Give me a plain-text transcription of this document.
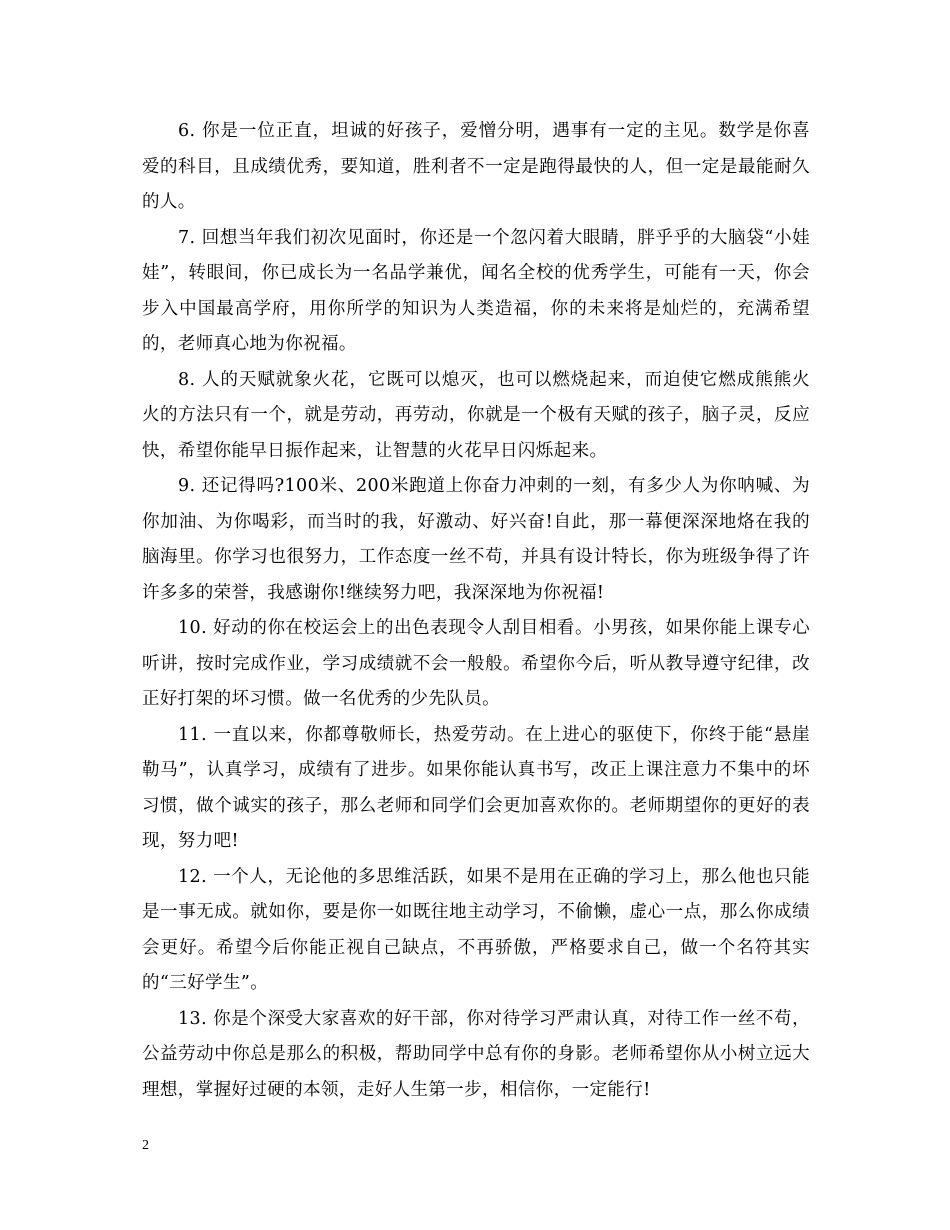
6. 你是一位正直，坦诚的好孩子，爱憎分明，遇事有一定的主见。数学是你喜爱的科目，且成绩优秀，要知道，胜利者不一定是跑得最快的人，但一定是最能耐久的人。

7. 回想当年我们初次见面时，你还是一个忽闪着大眼睛，胖乎乎的大脑袋“小娃娃”，转眼间，你已成长为一名品学兼优，闻名全校的优秀学生，可能有一天，你会步入中国最高学府，用你所学的知识为人类造福，你的未来将是灿烂的，充满希望的，老师真心地为你祝福。

8. 人的天赋就象火花，它既可以熄灭，也可以燃烧起来，而迫使它燃成熊熊火火的方法只有一个，就是劳动，再劳动，你就是一个极有天赋的孩子，脑子灵，反应快，希望你能早日振作起来，让智慧的火花早日闪烁起来。

9. 还记得吗?100米、200米跑道上你奋力冲刺的一刻，有多少人为你呐喊、为你加油、为你喝彩，而当时的我，好激动、好兴奋!自此，那一幕便深深地烙在我的脑海里。你学习也很努力，工作态度一丝不苟，并具有设计特长，你为班级争得了许许多多的荣誉，我感谢你!继续努力吧，我深深地为你祝福!

10. 好动的你在校运会上的出色表现令人刮目相看。小男孩，如果你能上课专心听讲，按时完成作业，学习成绩就不会一般般。希望你今后，听从教导遵守纪律，改正好打架的坏习惯。做一名优秀的少先队员。

11. 一直以来，你都尊敬师长，热爱劳动。在上进心的驱使下，你终于能“悬崖勒马”，认真学习，成绩有了进步。如果你能认真书写，改正上课注意力不集中的坏习惯，做个诚实的孩子，那么老师和同学们会更加喜欢你的。老师期望你的更好的表现，努力吧!

12. 一个人，无论他的多思维活跃，如果不是用在正确的学习上，那么他也只能是一事无成。就如你，要是你一如既往地主动学习，不偷懒，虚心一点，那么你成绩会更好。希望今后你能正视自己缺点，不再骄傲，严格要求自己，做一个名符其实的“三好学生”。

13. 你是个深受大家喜欢的好干部，你对待学习严肃认真，对待工作一丝不苟，公益劳动中你总是那么的积极，帮助同学中总有你的身影。老师希望你从小树立远大理想，掌握好过硬的本领，走好人生第一步，相信你，一定能行!

2
